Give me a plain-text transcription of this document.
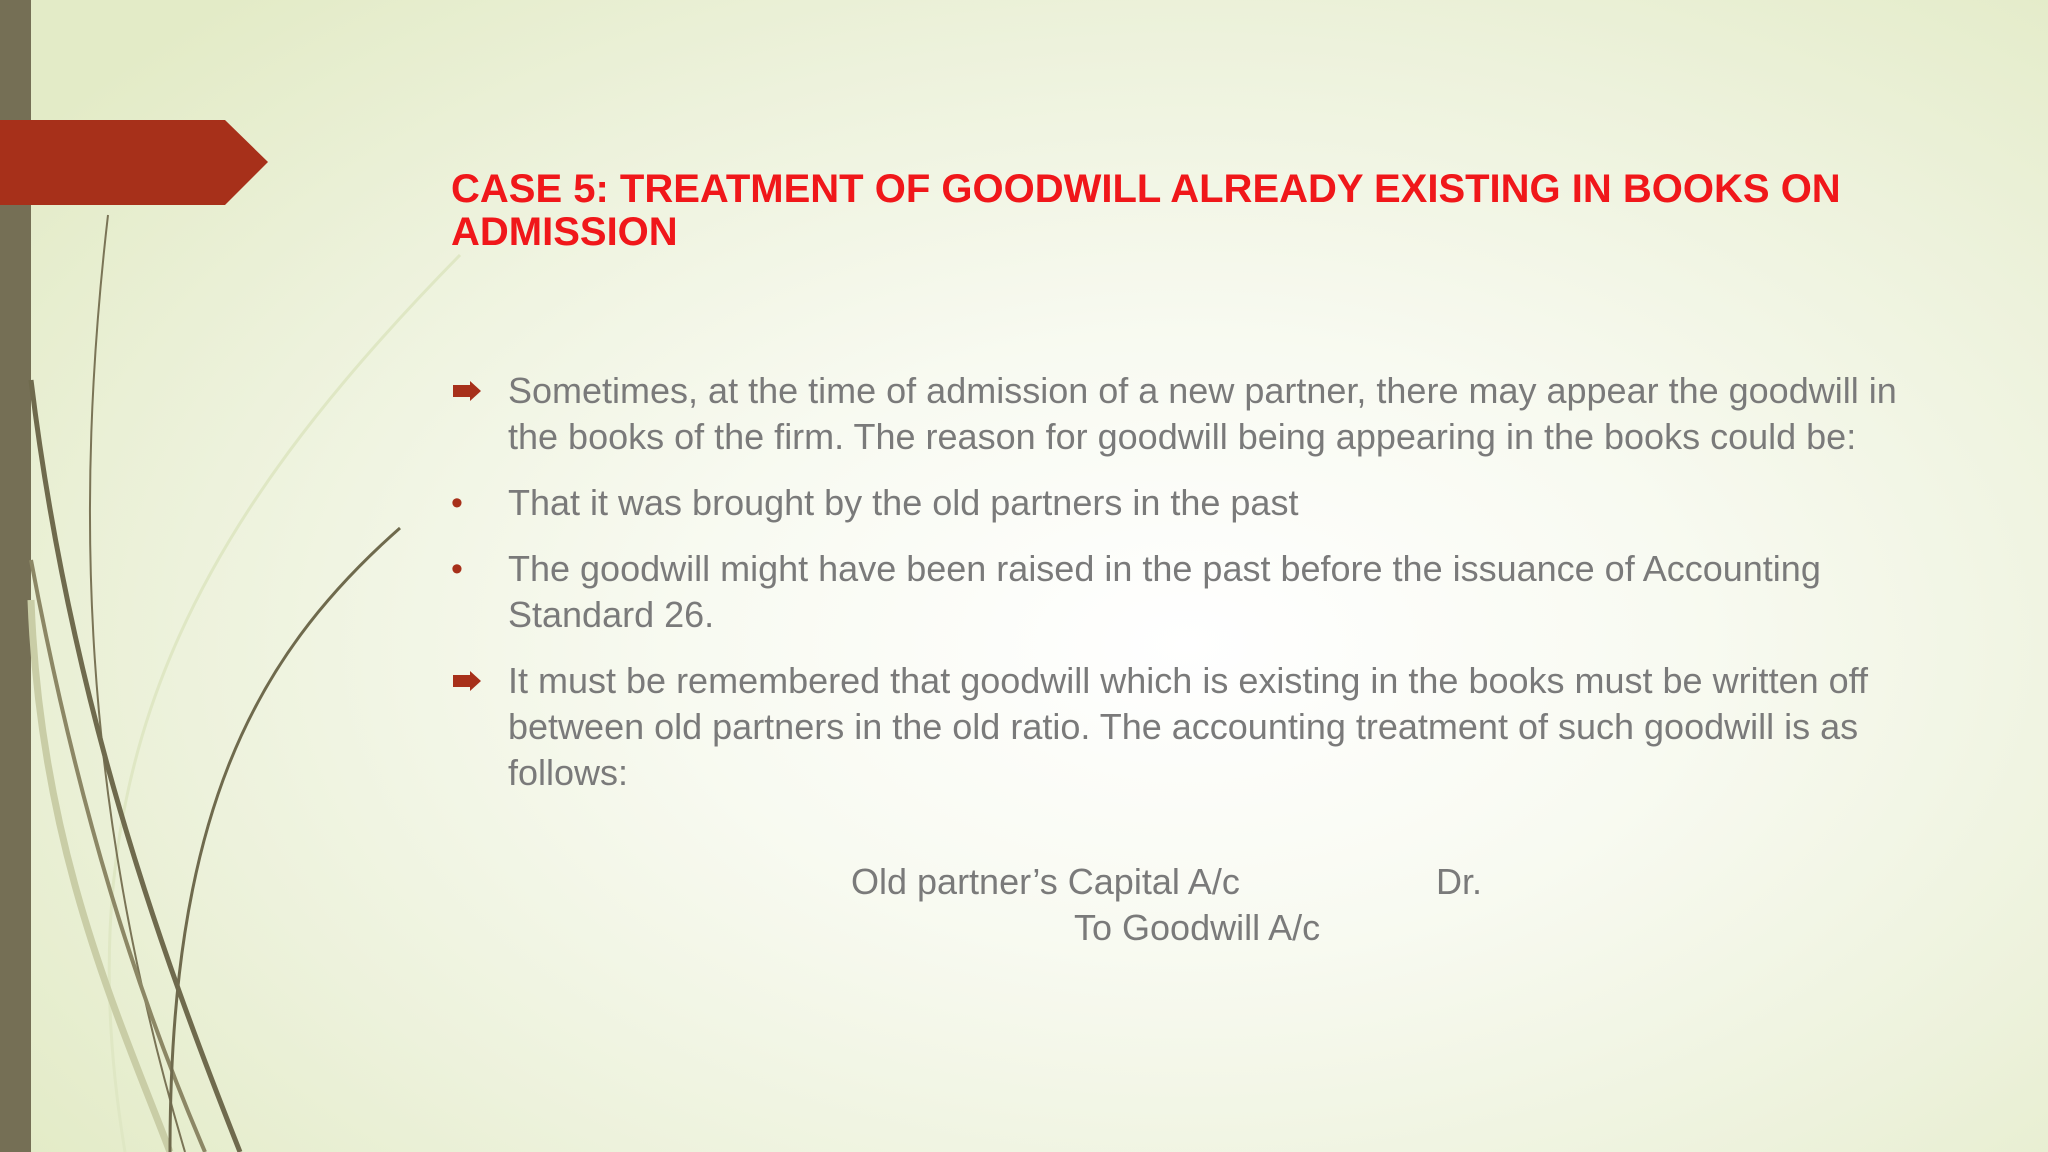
CASE 5: TREATMENT OF GOODWILL ALREADY EXISTING IN BOOKS ON ADMISSION
Sometimes, at the time of admission of a new partner, there may appear the goodwill in the books of the firm. The reason for goodwill being appearing in the books could be:
• That it was brought by the old partners in the past
• The goodwill might have been raised in the past before the issuance of Accounting Standard 26.
It must be remembered that goodwill which is existing in the books must be written off between old partners in the old ratio. The accounting treatment of such goodwill is as follows:
Old partner’s Capital A/c	Dr.
To Goodwill A/c
